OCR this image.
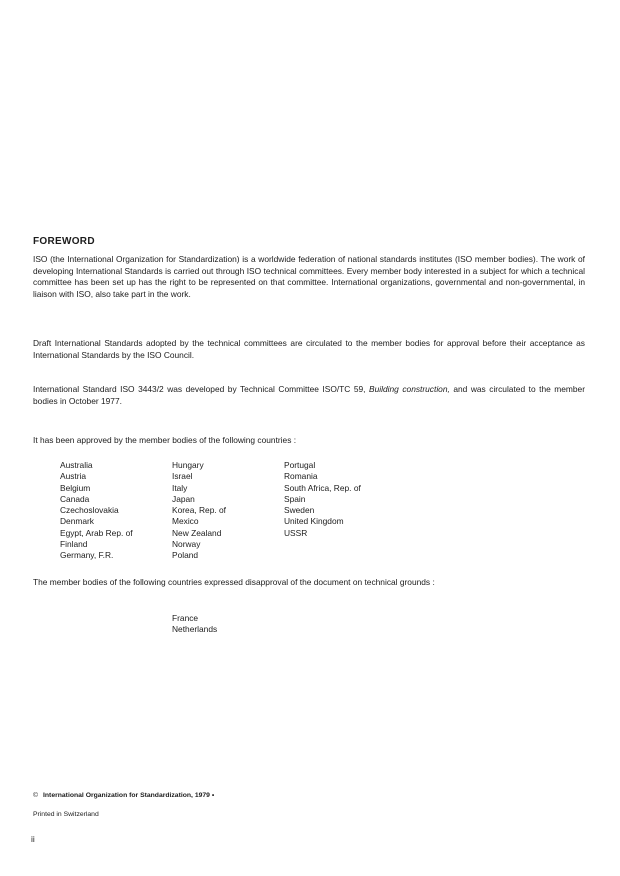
FOREWORD
ISO (the International Organization for Standardization) is a worldwide federation of national standards institutes (ISO member bodies). The work of developing International Standards is carried out through ISO technical committees. Every member body interested in a subject for which a technical committee has been set up has the right to be represented on that committee. International organizations, governmental and non-governmental, in liaison with ISO, also take part in the work.
Draft International Standards adopted by the technical committees are circulated to the member bodies for approval before their acceptance as International Standards by the ISO Council.
International Standard ISO 3443/2 was developed by Technical Committee ISO/TC 59, Building construction, and was circulated to the member bodies in October 1977.
It has been approved by the member bodies of the following countries :
Australia
Austria
Belgium
Canada
Czechoslovakia
Denmark
Egypt, Arab Rep. of
Finland
Germany, F.R.
Hungary
Israel
Italy
Japan
Korea, Rep. of
Mexico
New Zealand
Norway
Poland
Portugal
Romania
South Africa, Rep. of
Spain
Sweden
United Kingdom
USSR
The member bodies of the following countries expressed disapproval of the document on technical grounds :
France
Netherlands
© International Organization for Standardization, 1979 •
Printed in Switzerland
ii
